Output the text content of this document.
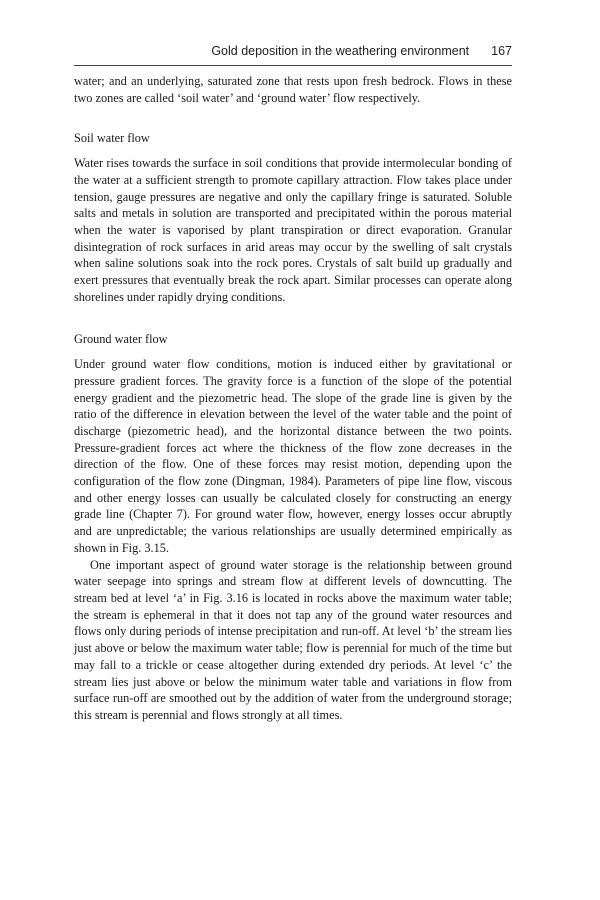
Gold deposition in the weathering environment 167

water; and an underlying, saturated zone that rests upon fresh bedrock. Flows in these two zones are called ‘soil water’ and ‘ground water’ flow respectively.

Soil water flow

Water rises towards the surface in soil conditions that provide intermolecular bonding of the water at a sufficient strength to promote capillary attraction. Flow takes place under tension, gauge pressures are negative and only the capillary fringe is saturated. Soluble salts and metals in solution are transported and precipitated within the porous material when the water is vaporised by plant transpiration or direct evaporation. Granular disintegration of rock surfaces in arid areas may occur by the swelling of salt crystals when saline solutions soak into the rock pores. Crystals of salt build up gradually and exert pressures that eventually break the rock apart. Similar processes can operate along shorelines under rapidly drying conditions.

Ground water flow

Under ground water flow conditions, motion is induced either by gravitational or pressure gradient forces. The gravity force is a function of the slope of the potential energy gradient and the piezometric head. The slope of the grade line is given by the ratio of the difference in elevation between the level of the water table and the point of discharge (piezometric head), and the horizontal distance between the two points. Pressure-gradient forces act where the thickness of the flow zone decreases in the direction of the flow. One of these forces may resist motion, depending upon the configuration of the flow zone (Dingman, 1984). Parameters of pipe line flow, viscous and other energy losses can usually be calculated closely for constructing an energy grade line (Chapter 7). For ground water flow, however, energy losses occur abruptly and are unpredictable; the various relationships are usually determined empirically as shown in Fig. 3.15.

One important aspect of ground water storage is the relationship between ground water seepage into springs and stream flow at different levels of downcutting. The stream bed at level ‘a’ in Fig. 3.16 is located in rocks above the maximum water table; the stream is ephemeral in that it does not tap any of the ground water resources and flows only during periods of intense precipitation and run-off. At level ‘b’ the stream lies just above or below the maximum water table; flow is perennial for much of the time but may fall to a trickle or cease altogether during extended dry periods. At level ‘c’ the stream lies just above or below the minimum water table and variations in flow from surface run-off are smoothed out by the addition of water from the underground storage; this stream is perennial and flows strongly at all times.
